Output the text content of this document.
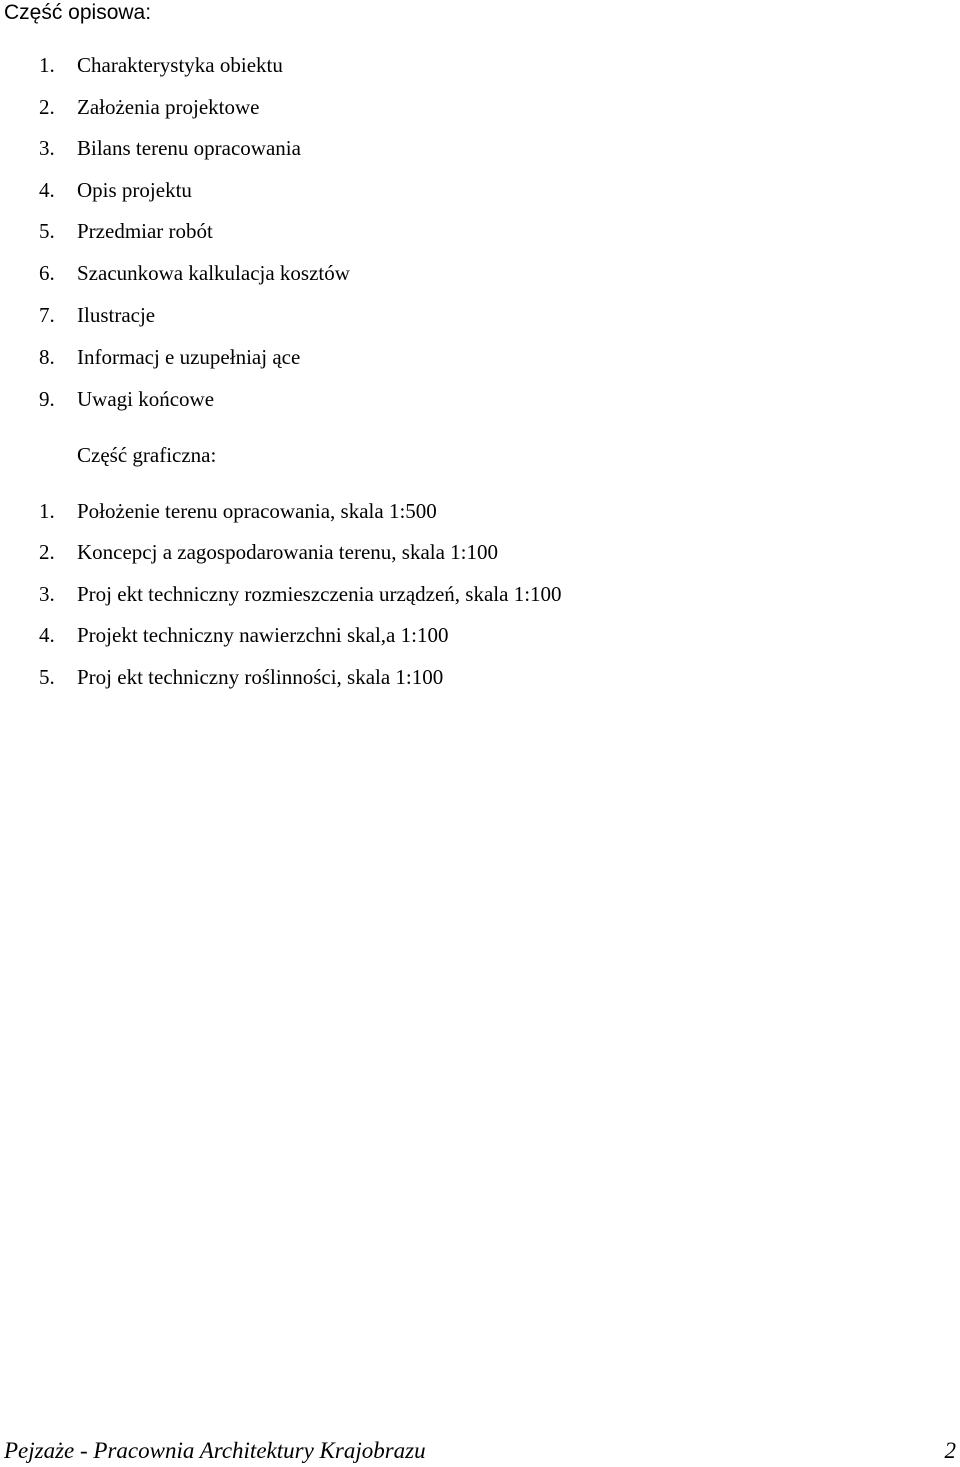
Część opisowa:
1.	Charakterystyka obiektu
2.	Założenia projektowe
3.	Bilans terenu opracowania
4.	Opis projektu
5.	Przedmiar robót
6.	Szacunkowa kalkulacja kosztów
7.	Ilustracje
8.	Informacj e uzupełniaj ące
9.	Uwagi końcowe
Część graficzna:
1.	Położenie terenu opracowania, skala 1:500
2.	Koncepcj a zagospodarowania terenu, skala 1:100
3.	Proj ekt techniczny rozmieszczenia urządzeń, skala 1:100
4.	Projekt techniczny nawierzchni skal,a 1:100
5.	Proj ekt techniczny roślinności, skala 1:100
Pejzaże - Pracownia Architektury Krajobrazu	2
